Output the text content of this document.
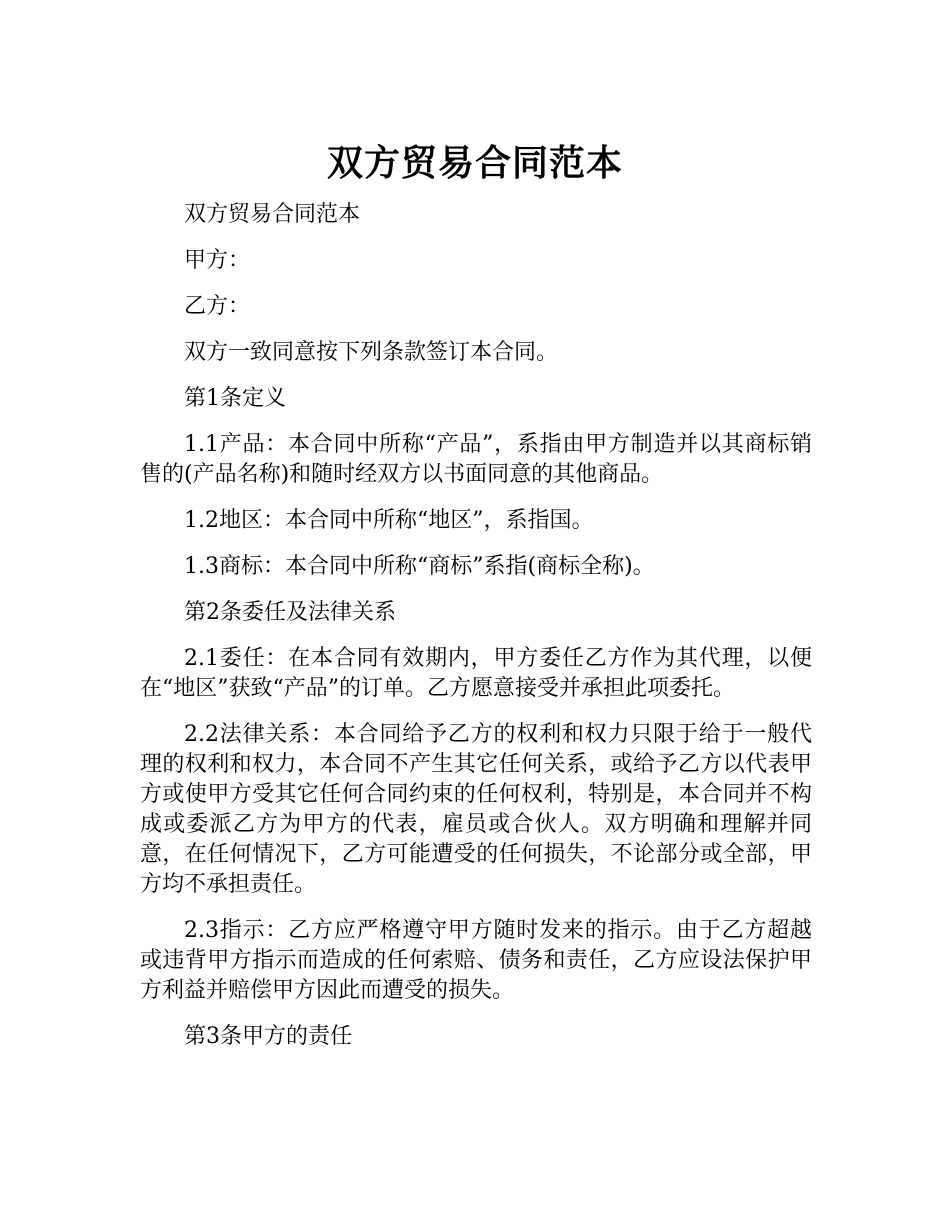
双方贸易合同范本

双方贸易合同范本

甲方：

乙方：

双方一致同意按下列条款签订本合同。

第1条定义

1.1产品：本合同中所称“产品”，系指由甲方制造并以其商标销售的(产品名称)和随时经双方以书面同意的其他商品。

1.2地区：本合同中所称“地区”，系指国。

1.3商标：本合同中所称“商标”系指(商标全称)。

第2条委任及法律关系

2.1委任：在本合同有效期内，甲方委任乙方作为其代理，以便在“地区”获致“产品”的订单。乙方愿意接受并承担此项委托。

2.2法律关系：本合同给予乙方的权利和权力只限于给于一般代理的权利和权力，本合同不产生其它任何关系，或给予乙方以代表甲方或使甲方受其它任何合同约束的任何权利，特别是，本合同并不构成或委派乙方为甲方的代表，雇员或合伙人。双方明确和理解并同意，在任何情况下，乙方可能遭受的任何损失，不论部分或全部，甲方均不承担责任。

2.3指示：乙方应严格遵守甲方随时发来的指示。由于乙方超越或违背甲方指示而造成的任何索赔、债务和责任，乙方应设法保护甲方利益并赔偿甲方因此而遭受的损失。

第3条甲方的责任
